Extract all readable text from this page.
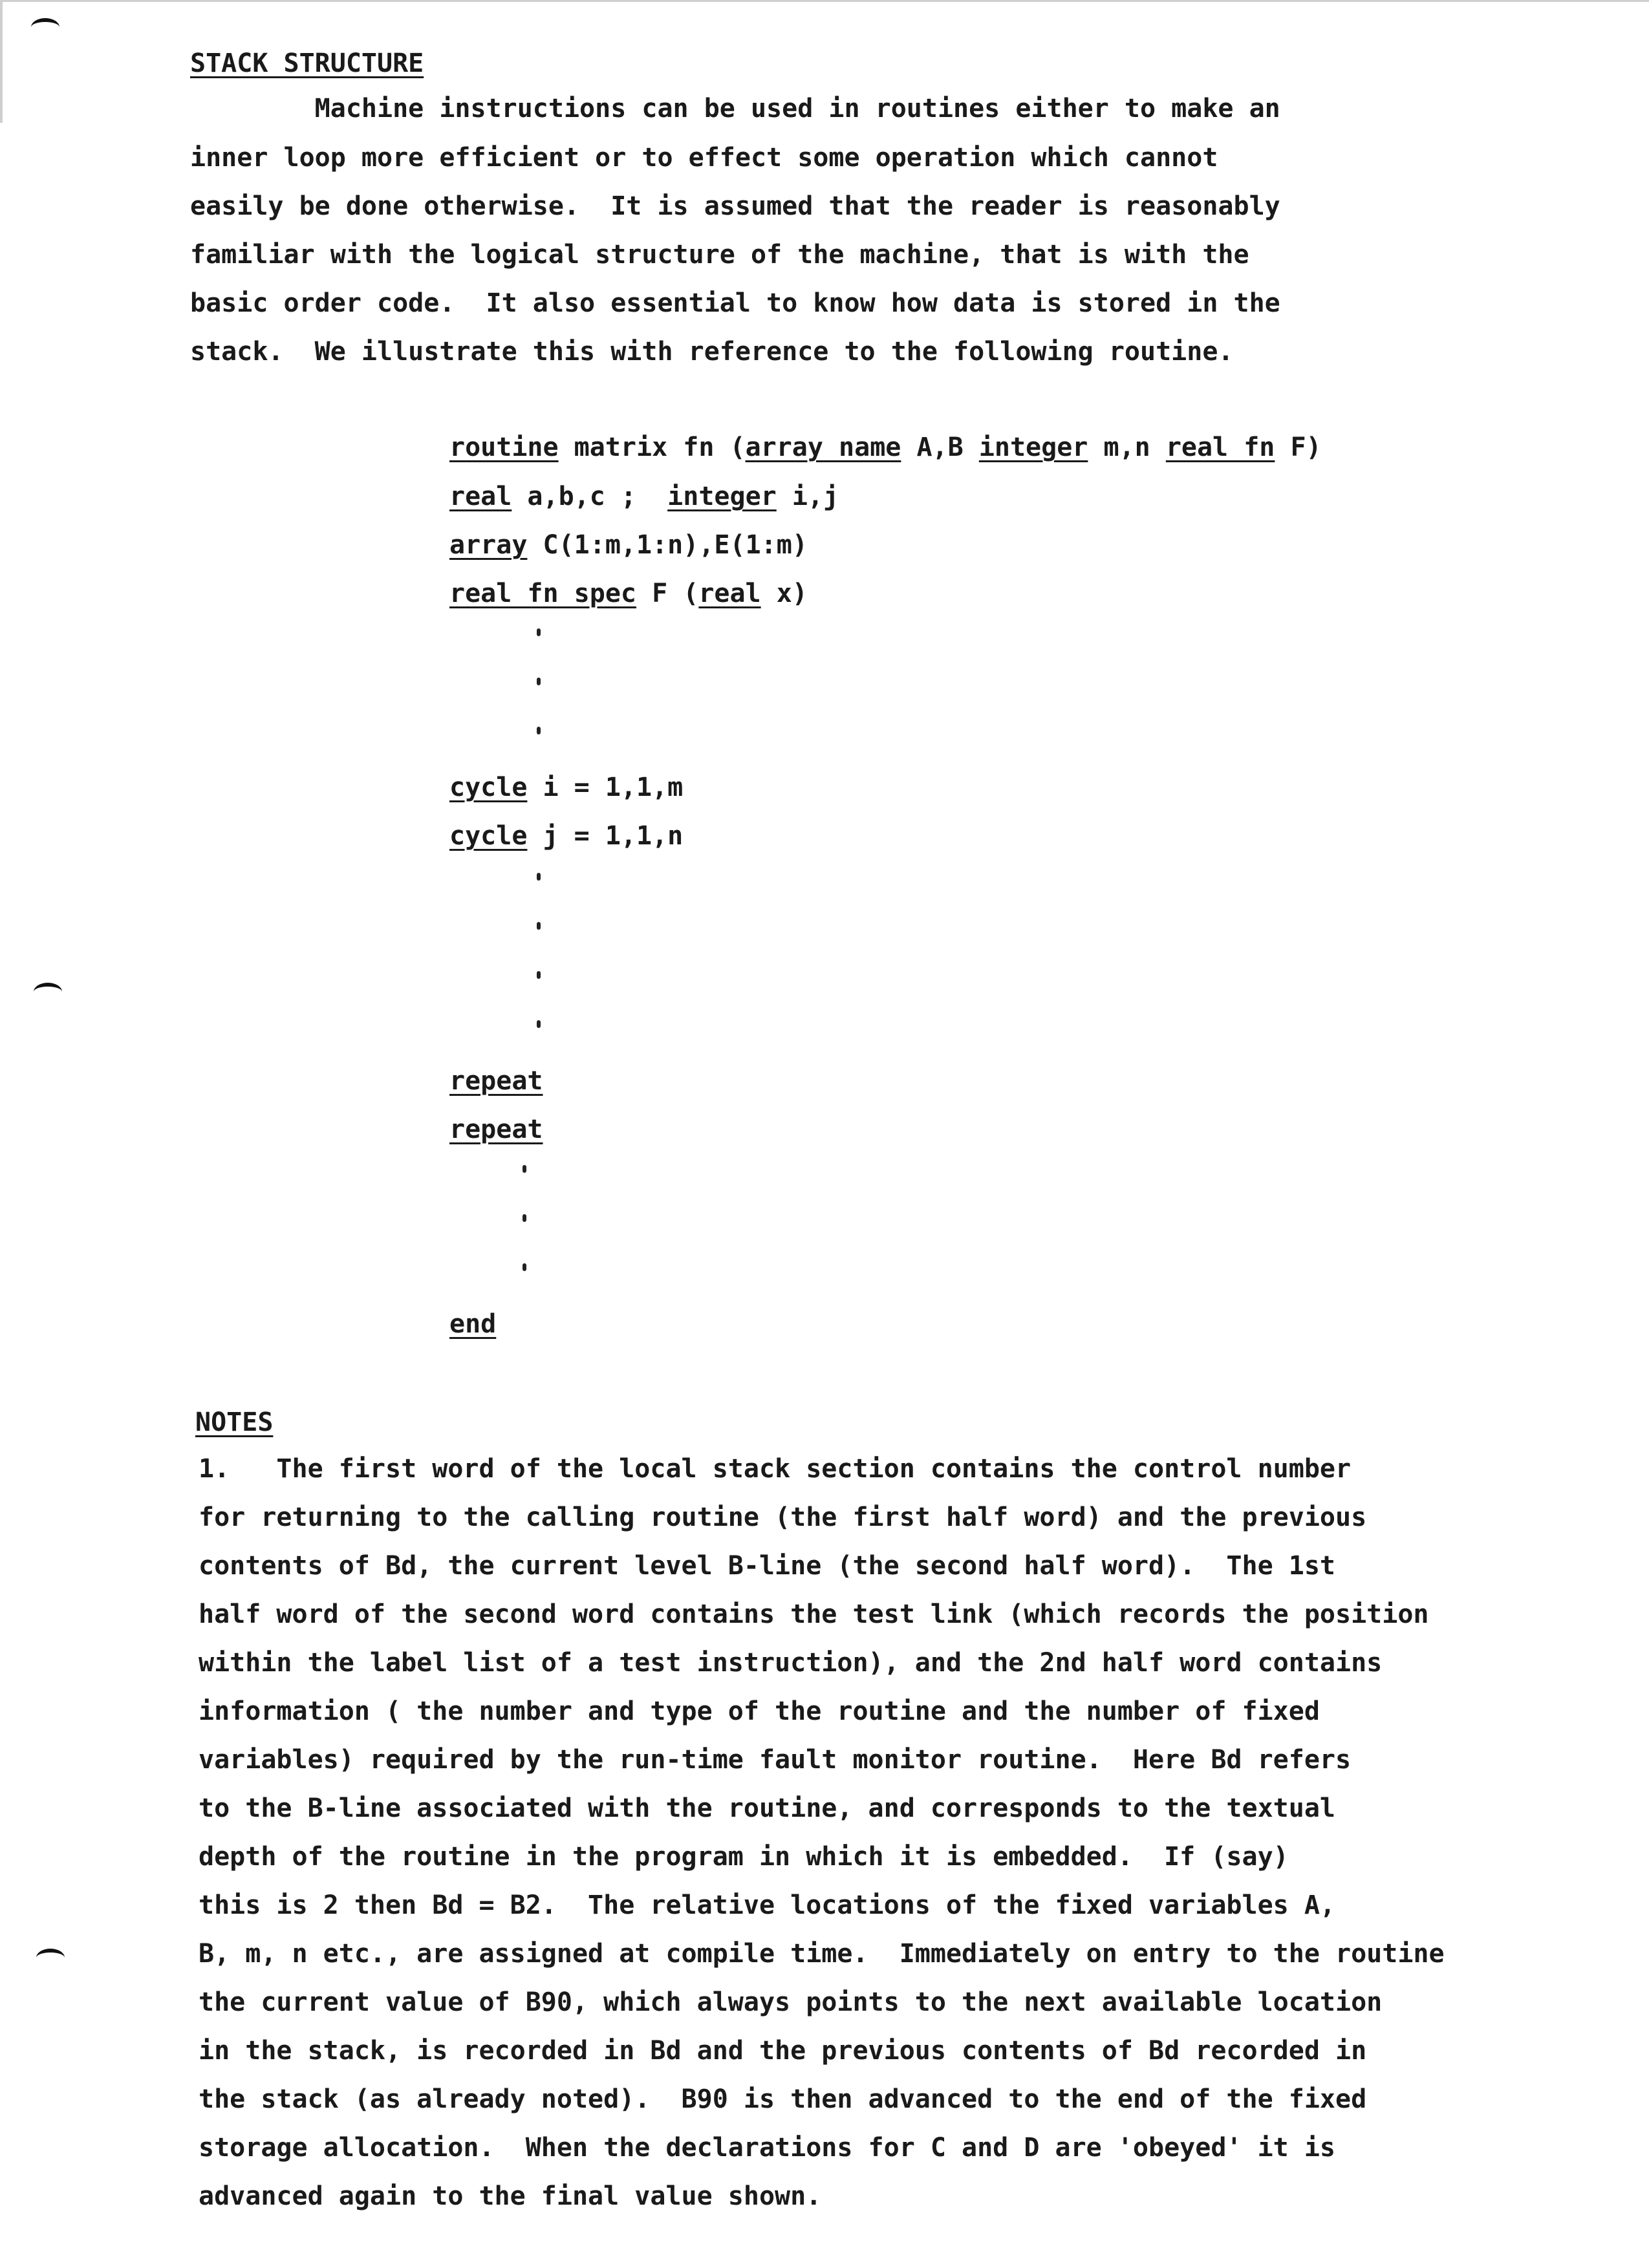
STACK STRUCTURE
Machine instructions can be used in routines either to make an
inner loop more efficient or to effect some operation which cannot
easily be done otherwise.  It is assumed that the reader is reasonably
familiar with the logical structure of the machine, that is with the
basic order code.  It also essential to know how data is stored in the
stack.  We illustrate this with reference to the following routine.
routine matrix fn (array name A,B integer m,n real fn F)
real a,b,c ;  integer i,j
array C(1:m,1:n),E(1:m)
real fn spec F (real x)
cycle i = 1,1,m
cycle j = 1,1,n
repeat
repeat
end
NOTES
1.   The first word of the local stack section contains the control number
for returning to the calling routine (the first half word) and the previous
contents of Bd, the current level B-line (the second half word).  The 1st
half word of the second word contains the test link (which records the position
within the label list of a test instruction), and the 2nd half word contains
information ( the number and type of the routine and the number of fixed
variables) required by the run-time fault monitor routine.  Here Bd refers
to the B-line associated with the routine, and corresponds to the textual
depth of the routine in the program in which it is embedded.  If (say)
this is 2 then Bd = B2.  The relative locations of the fixed variables A,
B, m, n etc., are assigned at compile time.  Immediately on entry to the routine
the current value of B90, which always points to the next available location
in the stack, is recorded in Bd and the previous contents of Bd recorded in
the stack (as already noted).  B90 is then advanced to the end of the fixed
storage allocation.  When the declarations for C and D are 'obeyed' it is
advanced again to the final value shown.
